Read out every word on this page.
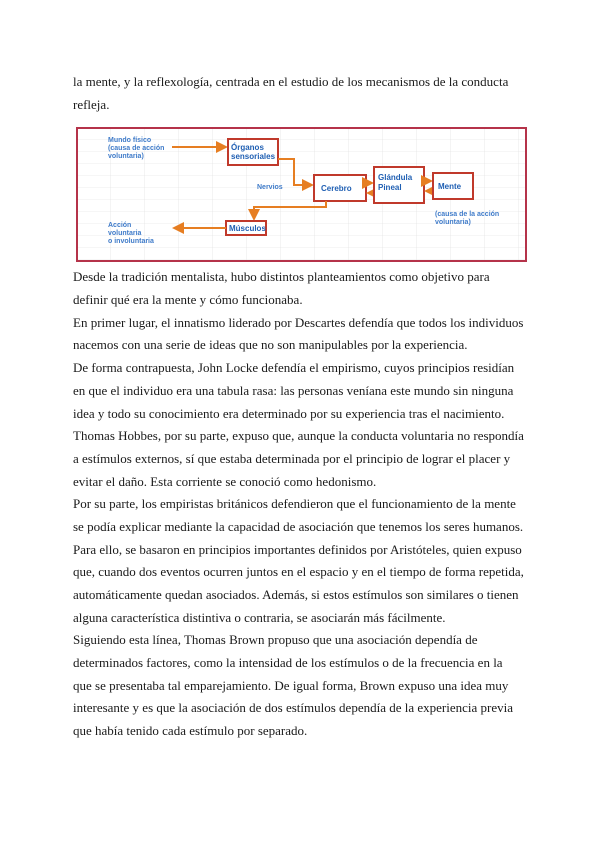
la mente, y la reflexología, centrada en el estudio de los mecanismos de la conducta
refleja.
Mundo físico
(causa de acción
voluntaria)
Órganos
sensoriales
Nervios	Cerebro
Glándula
Pineal	Mente
(causa de la acción
voluntaria)
Músculos
Acción
voluntaria
o involuntaria
Desde la tradición mentalista, hubo distintos planteamientos como objetivo para
definir qué era la mente y cómo funcionaba.
En primer lugar, el innatismo liderado por Descartes defendía que todos los individuos
nacemos con una serie de ideas que no son manipulables por la experiencia.
De forma contrapuesta, John Locke defendía el empirismo, cuyos principios residían
en que el individuo era una tabula rasa: las personas veníana este mundo sin ninguna
idea y todo su conocimiento era determinado por su experiencia tras el nacimiento.
Thomas Hobbes, por su parte, expuso que, aunque la conducta voluntaria no respondía
a estímulos externos, sí que estaba determinada por el principio de lograr el placer y
evitar el daño. Esta corriente se conoció como hedonismo.
Por su parte, los empiristas británicos defendieron que el funcionamiento de la mente
se podía explicar mediante la capacidad de asociación que tenemos los seres humanos.
Para ello, se basaron en principios importantes definidos por Aristóteles, quien expuso
que, cuando dos eventos ocurren juntos en el espacio y en el tiempo de forma repetida,
automáticamente quedan asociados. Además, si estos estímulos son similares o tienen
alguna característica distintiva o contraria, se asociarán más fácilmente.
Siguiendo esta línea, Thomas Brown propuso que una asociación dependía de
determinados factores, como la intensidad de los estímulos o de la frecuencia en la
que se presentaba tal emparejamiento. De igual forma, Brown expuso una idea muy
interesante y es que la asociación de dos estímulos dependía de la experiencia previa
que había tenido cada estímulo por separado.
